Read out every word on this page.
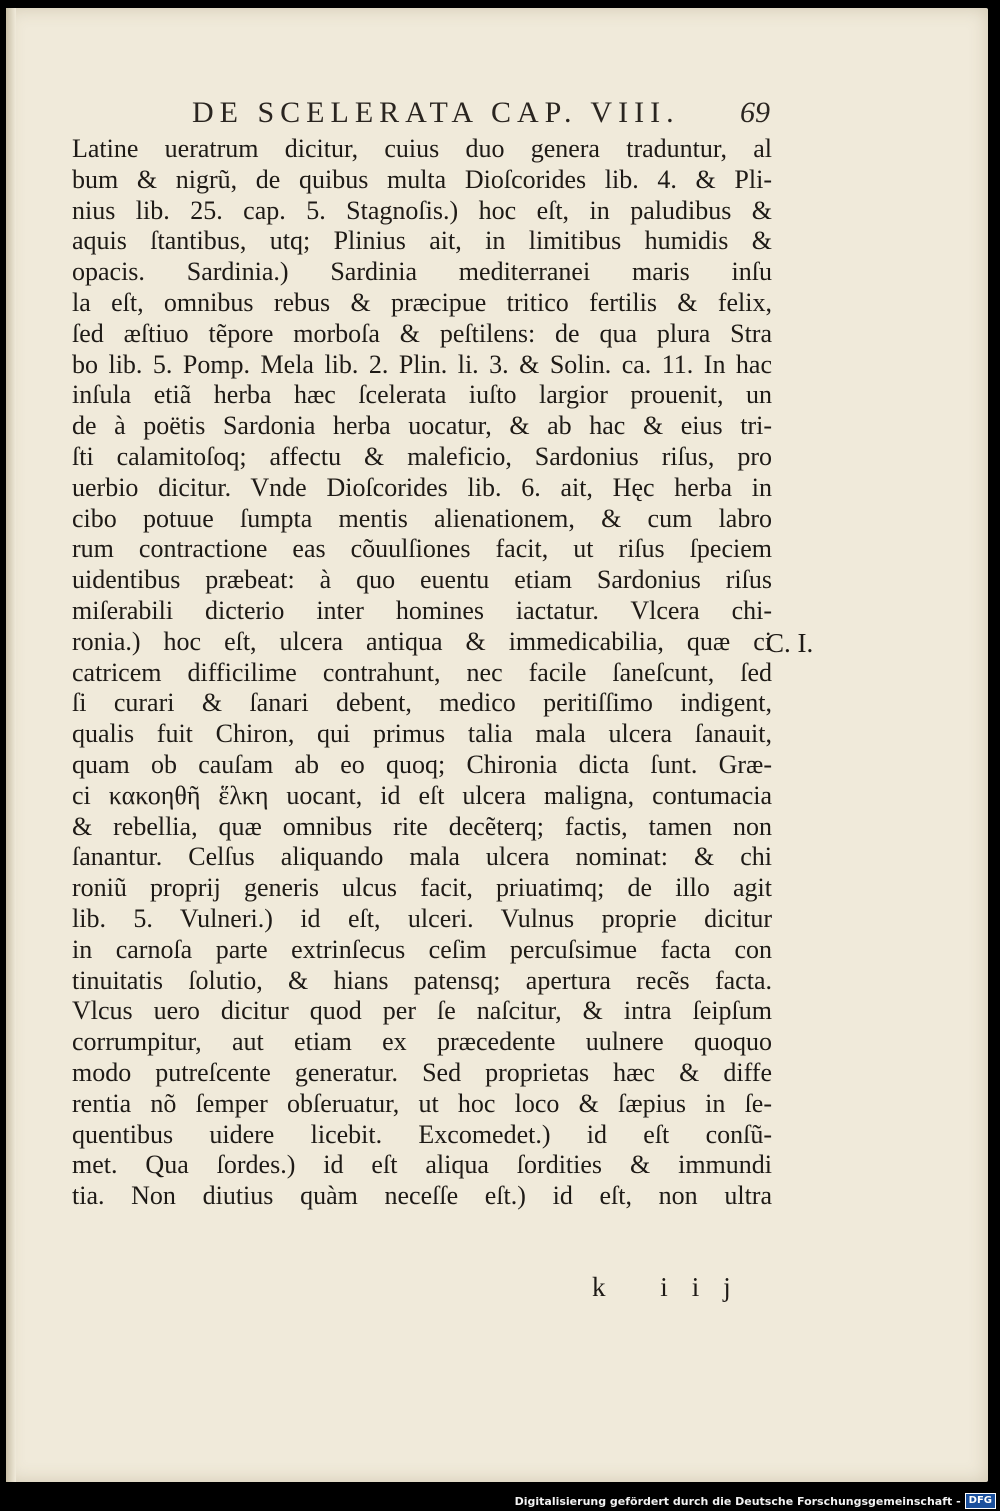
DE SCELERATA CAP. VIII. 69
Latine ueratrum dicitur, cuius duo genera traduntur, al
bum & nigrũ, de quibus multa Dioſcorides lib. 4. & Pli-
nius lib. 25. cap. 5. Stagnoſis.) hoc eſt, in paludibus &
aquis ſtantibus, utq; Plinius ait, in limitibus humidis &
opacis. Sardinia.) Sardinia mediterranei maris inſu
la eſt, omnibus rebus & præcipue tritico fertilis & felix,
ſed æſtiuo tẽpore morboſa & peſtilens: de qua plura Stra
bo lib. 5. Pomp. Mela lib. 2. Plin. li. 3. & Solin. ca. 11. In hac
inſula etiã herba hæc ſcelerata iuſto largior prouenit, un
de à poëtis Sardonia herba uocatur, & ab hac & eius tri-
ſti calamitoſoq; affectu & maleficio, Sardonius riſus, pro
uerbio dicitur. Vnde Dioſcorides lib. 6. ait, Hęc herba in
cibo potuue ſumpta mentis alienationem, & cum labro
rum contractione eas cõuulſiones facit, ut riſus ſpeciem
uidentibus præbeat: à quo euentu etiam Sardonius riſus
miſerabili dicterio inter homines iactatur. Vlcera chi-
ronia.) hoc eſt, ulcera antiqua & immedicabilia, quæ ci
catricem difficilime contrahunt, nec facile ſaneſcunt, ſed
ſi curari & ſanari debent, medico peritiſſimo indigent,
qualis fuit Chiron, qui primus talia mala ulcera ſanauit,
quam ob cauſam ab eo quoq; Chironia dicta ſunt. Græ-
ci κακοηθῆ ἕλκη uocant, id eſt ulcera maligna, contumacia
& rebellia, quæ omnibus rite decẽterq; factis, tamen non
ſanantur. Celſus aliquando mala ulcera nominat: & chi
roniũ proprij generis ulcus facit, priuatimq; de illo agit
lib. 5. Vulneri.) id eſt, ulceri. Vulnus proprie dicitur
in carnoſa parte extrinſecus ceſim percuſsimue facta con
tinuitatis ſolutio, & hians patensq; apertura recẽs facta.
Vlcus uero dicitur quod per ſe naſcitur, & intra ſeipſum
corrumpitur, aut etiam ex præcedente uulnere quoquo
modo putreſcente generatur. Sed proprietas hæc & diffe
rentia nõ ſemper obſeruatur, ut hoc loco & ſæpius in ſe-
quentibus uidere licebit. Excomedet.) id eſt conſũ-
met. Qua ſordes.) id eſt aliqua ſordities & immundi
tia. Non diutius quàm neceſſe eſt.) id eſt, non ultra
C. I.
k iij
Digitalisierung gefördert durch die Deutsche Forschungsgemeinschaft - DFG
